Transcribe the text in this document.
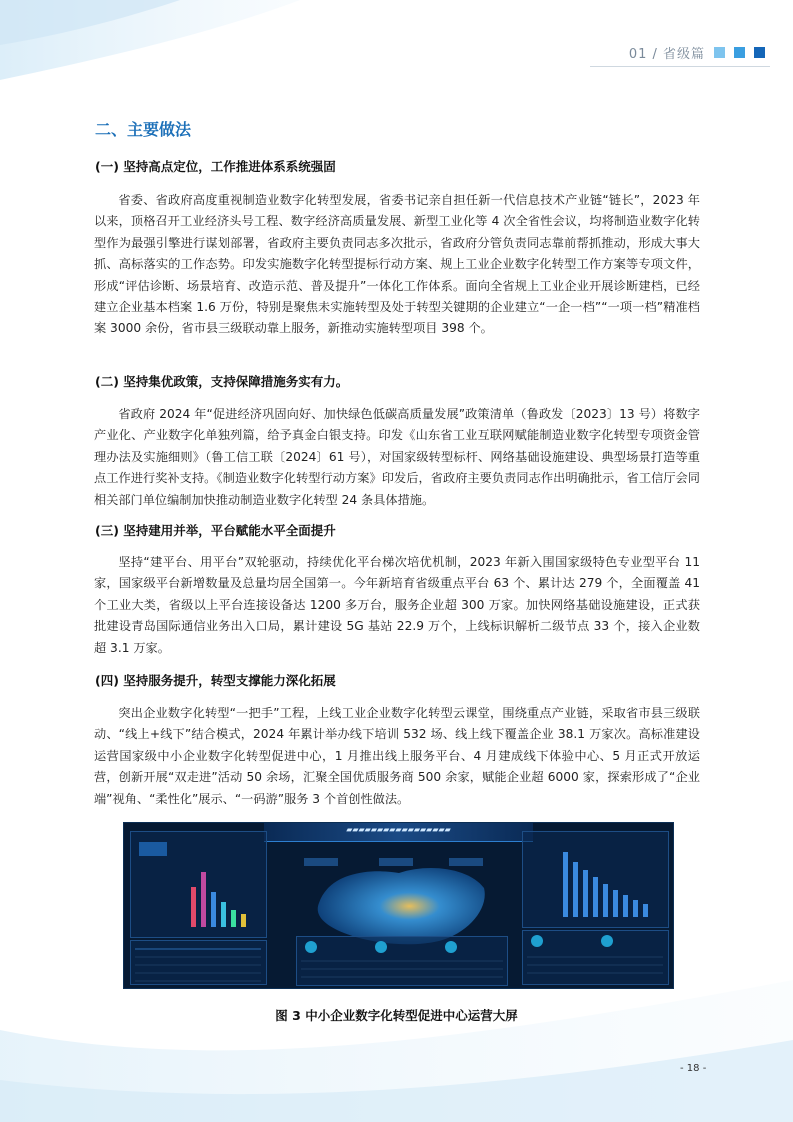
01 / 省级篇
二、主要做法
(一) 坚持高点定位，工作推进体系系统强固

省委、省政府高度重视制造业数字化转型发展，省委书记亲自担任新一代信息技术产业链“链长”，2023 年以来，顶格召开工业经济头号工程、数字经济高质量发展、新型工业化等 4 次全省性会议，均将制造业数字化转型作为最强引擎进行谋划部署，省政府主要负责同志多次批示，省政府分管负责同志靠前帮抓推动，形成大事大抓、高标落实的工作态势。印发实施数字化转型提标行动方案、规上工业企业数字化转型工作方案等专项文件，形成“评估诊断、场景培育、改造示范、普及提升”一体化工作体系。面向全省规上工业企业开展诊断建档，已经建立企业基本档案 1.6 万份，特别是聚焦未实施转型及处于转型关键期的企业建立“一企一档”“一项一档”精准档案 3000 余份，省市县三级联动靠上服务，新推动实施转型项目 398 个。

(二) 坚持集优政策，支持保障措施务实有力。

省政府 2024 年“促进经济巩固向好、加快绿色低碳高质量发展”政策清单（鲁政发〔2023〕13 号）将数字产业化、产业数字化单独列篇，给予真金白银支持。印发《山东省工业互联网赋能制造业数字化转型专项资金管理办法及实施细则》（鲁工信工联〔2024〕61 号），对国家级转型标杆、网络基础设施建设、典型场景打造等重点工作进行奖补支持。《制造业数字化转型行动方案》印发后，省政府主要负责同志作出明确批示，省工信厅会同相关部门单位编制加快推动制造业数字化转型 24 条具体措施。

(三) 坚持建用并举，平台赋能水平全面提升

坚持“建平台、用平台”双轮驱动，持续优化平台梯次培优机制，2023 年新入围国家级特色专业型平台 11 家，国家级平台新增数量及总量均居全国第一。今年新培育省级重点平台 63 个、累计达 279 个，全面覆盖 41 个工业大类，省级以上平台连接设备达 1200 多万台，服务企业超 300 万家。加快网络基础设施建设，正式获批建设青岛国际通信业务出入口局，累计建设 5G 基站 22.9 万个，上线标识解析二级节点 33 个，接入企业数超 3.1 万家。

(四) 坚持服务提升，转型支撑能力深化拓展

突出企业数字化转型“一把手”工程，上线工业企业数字化转型云课堂，围绕重点产业链，采取省市县三级联动、“线上+线下”结合模式，2024 年累计举办线下培训 532 场、线上线下覆盖企业 38.1 万家次。高标准建设运营国家级中小企业数字化转型促进中心，1 月推出线上服务平台、4 月建成线下体验中心、5 月正式开放运营，创新开展“双走进”活动 50 余场，汇聚全国优质服务商 500 余家，赋能企业超 6000 家，探索形成了“企业端”视角、“柔性化”展示、“一码游”服务 3 个首创性做法。

▰▰▰▰▰▰▰▰▰▰▰▰▰▰▰▰▰
图 3 中小企业数字化转型促进中心运营大屏
- 18 -
